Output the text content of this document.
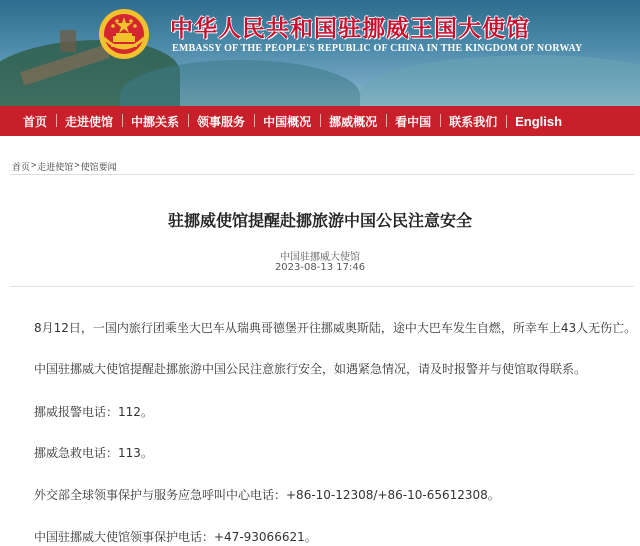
中华人民共和国驻挪威王国大使馆
EMBASSY OF THE PEOPLE'S REPUBLIC OF CHINA IN THE KINGDOM OF NORWAY
首页	走进使馆	中挪关系	领事服务	中国概况	挪威概况	看中国	联系我们	English
首页 > 走进使馆 > 使馆要闻
驻挪威使馆提醒赴挪旅游中国公民注意安全
中国驻挪威大使馆
2023-08-13 17:46

8月12日，一国内旅行团乘坐大巴车从瑞典哥德堡开往挪威奥斯陆，途中大巴车发生自燃，所幸车上43人无伤亡。

中国驻挪威大使馆提醒赴挪旅游中国公民注意旅行安全，如遇紧急情况，请及时报警并与使馆取得联系。

挪威报警电话：112。

挪威急救电话：113。

外交部全球领事保护与服务应急呼叫中心电话：+86-10-12308/+86-10-65612308。

中国驻挪威大使馆领事保护电话：+47-93066621。
